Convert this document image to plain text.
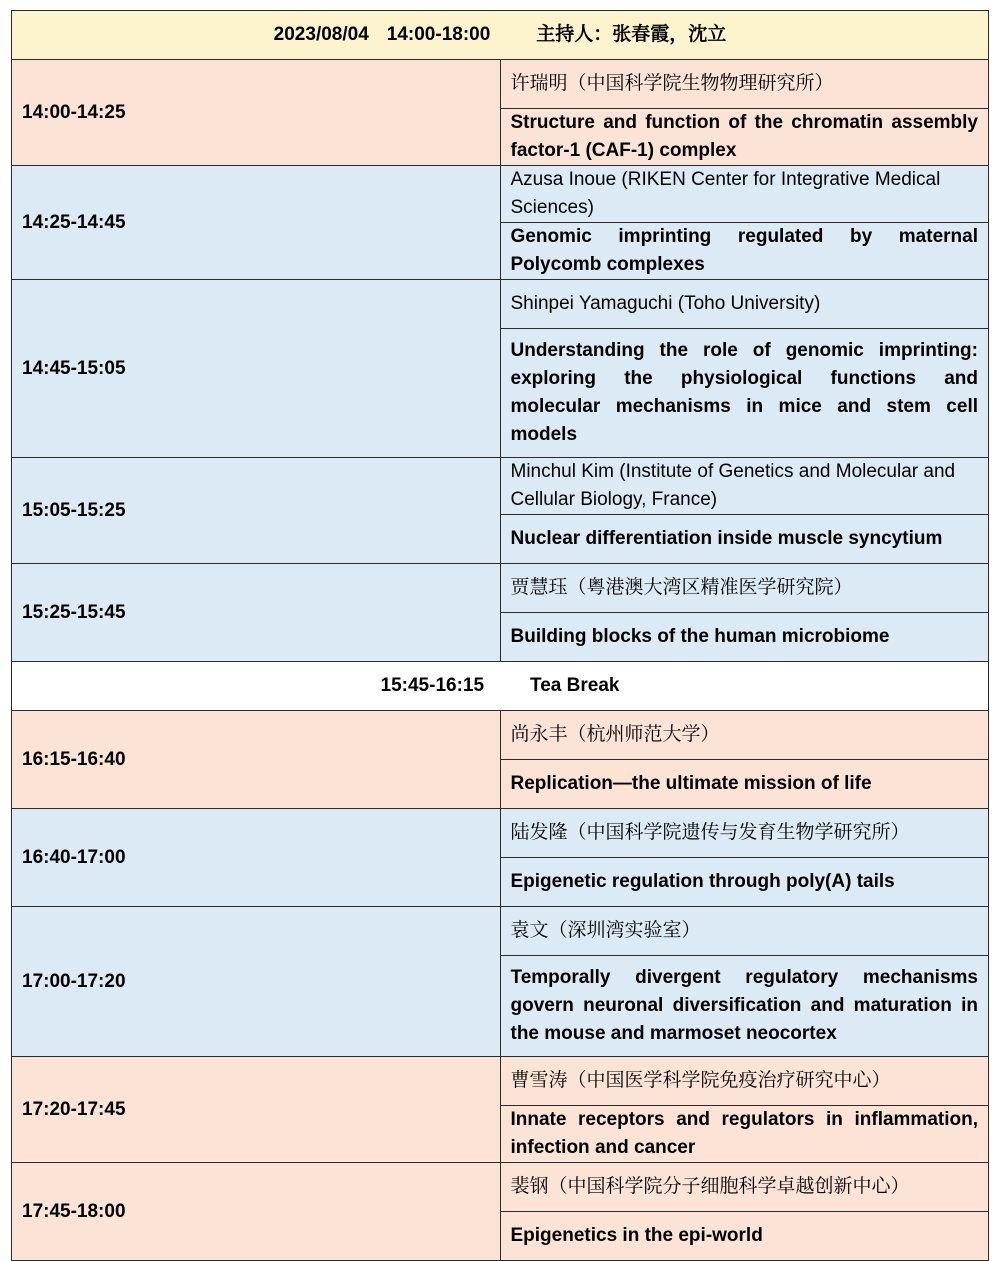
2023/08/04 14:00-18:00 主持人：张春霞，沈立	
14:00-14:25	许瑞明（中国科学院生物物理研究所）
	Structure and function of the chromatin assembly factor-1 (CAF-1) complex
14:25-14:45	Azusa Inoue (RIKEN Center for Integrative Medical Sciences)
	Genomic imprinting regulated by maternal Polycomb complexes
14:45-15:05	Shinpei Yamaguchi (Toho University)
	Understanding the role of genomic imprinting: exploring the physiological functions and molecular mechanisms in mice and stem cell models
15:05-15:25	Minchul Kim (Institute of Genetics and Molecular and Cellular Biology, France)
	Nuclear differentiation inside muscle syncytium
15:25-15:45	贾慧珏（粤港澳大湾区精准医学研究院）
	Building blocks of the human microbiome
15:45-16:15 Tea Break	
16:15-16:40	尚永丰（杭州师范大学）
	Replication—the ultimate mission of life
16:40-17:00	陆发隆（中国科学院遗传与发育生物学研究所）
	Epigenetic regulation through poly(A) tails
17:00-17:20	袁文（深圳湾实验室）
	Temporally divergent regulatory mechanisms govern neuronal diversification and maturation in the mouse and marmoset neocortex
17:20-17:45	曹雪涛（中国医学科学院免疫治疗研究中心）
	Innate receptors and regulators in inflammation, infection and cancer
17:45-18:00	裴钢（中国科学院分子细胞科学卓越创新中心）
	Epigenetics in the epi-world
